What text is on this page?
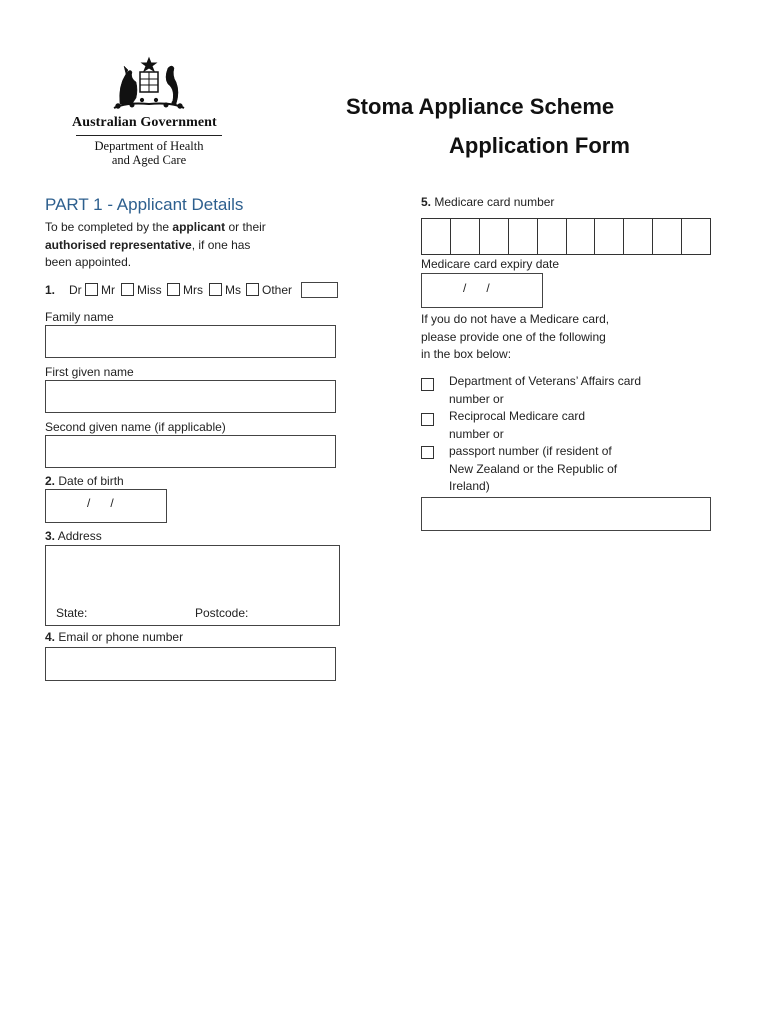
Australian Government
Department of Health
and Aged Care
Stoma Appliance Scheme
Application Form
PART 1 - Applicant Details
To be completed by the applicant or their
authorised representative, if one has
been appointed.
1. Dr Mr Miss Mrs Ms Other
Family name
First given name
Second given name (if applicable)
2. Date of birth
/      /
3. Address
State:	Postcode:
4. Email or phone number
5. Medicare card number
Medicare card expiry date
/      /
If you do not have a Medicare card,
please provide one of the following
in the box below:
Department of Veterans’ Affairs card
number or
Reciprocal Medicare card
number or
passport number (if resident of
New Zealand or the Republic of
Ireland)
